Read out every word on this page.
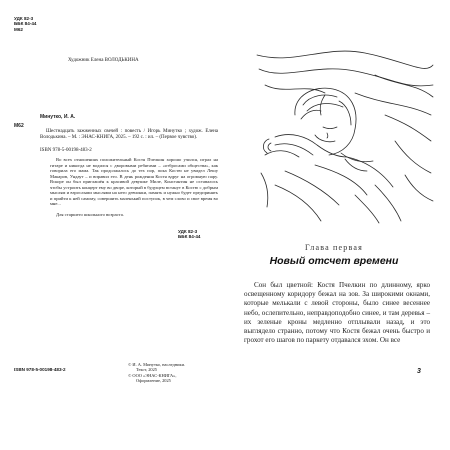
УДК 82-3
ББК 84-44
М62
Художник Елена ВОЛОДЬКИНА
Минутко, И. А.
М62
Шестнадцать зажженных свечей : повесть / Игорь Минутко ; худож. Елена Володькина. – М. : ЭНАС-КНИГА, 2025. – 192 с. : ил. – (Первое чувство).
ISBN 978-5-00198-483-2
Во всех отношениях положительный Костя Пчелкин хорошо учился, играл на гитаре и никогда не водился с дворовыми ребятами – «отбросами общества», как говорила его мама. Так продолжалось до тех пор, пока Костю не увидел Лешу Макаров, Ундаут – и вправил его. В день рождения Костя вдруг на огромную пару. Вскоре он был приглашён к красивой девушке Миле, Константин не оставалось чтобы устроить концерт ему во дворе, который в будущем встанут в Костю с добрым мыслям и взрослыми мыслями на него девчонки, память и нужно будет предпринять и прийти к ней самому, совершить маленький поступок, в чем слово и свое время во мне...
Для старшего школьного возраста.
УДК 82-3
ББК 84-44
ISBN 978-5-00198-483-2
© И. А. Минутко, наследники.
Текст, 2025
© ООО «ЭНАС-КНИГА»,
Оформление, 2025
Глава первая
Новый отсчет времени
Сон был цветной: Костя Пчелкин по длинному, ярко освещенному коридору бежал на зов. За широкими окнами, которые мелькали с левой стороны, было синее весеннее небо, ослепительно, неправдоподобно синее, и там деревья – их зеленые кроны медленно отплывали назад, и это выглядело странно, потому что Костя бежал очень быстро и грохот его шагов по паркету отдавался эхом. Он все
3
